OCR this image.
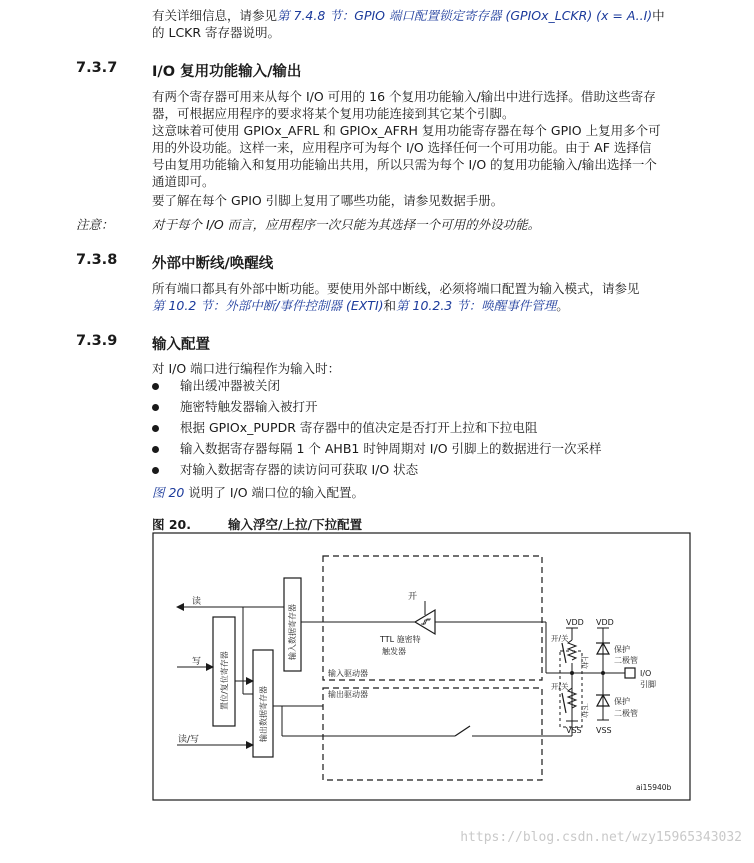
有关详细信息，请参见第 7.4.8 节：GPIO 端口配置锁定寄存器 (GPIOx_LCKR) (x = A..I)中

的 LCKR 寄存器说明。

7.3.7 I/O 复用功能输入/输出

有两个寄存器可用来从每个 I/O 可用的 16 个复用功能输入/输出中进行选择。借助这些寄存

器，可根据应用程序的要求将某个复用功能连接到其它某个引脚。

这意味着可使用 GPIOx_AFRL 和 GPIOx_AFRH 复用功能寄存器在每个 GPIO 上复用多个可

用的外设功能。这样一来，应用程序可为每个 I/O 选择任何一个可用功能。由于 AF 选择信

号由复用功能输入和复用功能输出共用，所以只需为每个 I/O 的复用功能输入/输出选择一个

通道即可。

要了解在每个 GPIO 引脚上复用了哪些功能，请参见数据手册。

注意：	对于每个 I/O 而言，应用程序一次只能为其选择一个可用的外设功能。
7.3.8 外部中断线/唤醒线

所有端口都具有外部中断功能。要使用外部中断线，必须将端口配置为输入模式，请参见

第 10.2 节：外部中断/事件控制器 (EXTI)和第 10.2.3 节：唤醒事件管理。

7.3.9 输入配置

对 I/O 端口进行编程作为输入时：

输出缓冲器被关闭
施密特触发器输入被打开
根据 GPIOx_PUPDR 寄存器中的值决定是否打开上拉和下拉电阻
输入数据寄存器每隔 1 个 AHB1 时钟周期对 I/O 引脚上的数据进行一次采样
对输入数据寄存器的读访问可获取 I/O 状态

图 20 说明了 I/O 端口位的输入配置。

图 20.	输入浮空/上拉/下拉配置
读
写
读/写
输入数据寄存器
置位/复位寄存器
输出数据寄存器
开
TTL 施密特
触发器
输入驱动器
输出驱动器
VDD VDD
VSS VSS
开/关
开/关
上拉
下拉
保护
二极管
保护
二极管
I/O
引脚
ai15940b
https://blog.csdn.net/wzy15965343032
